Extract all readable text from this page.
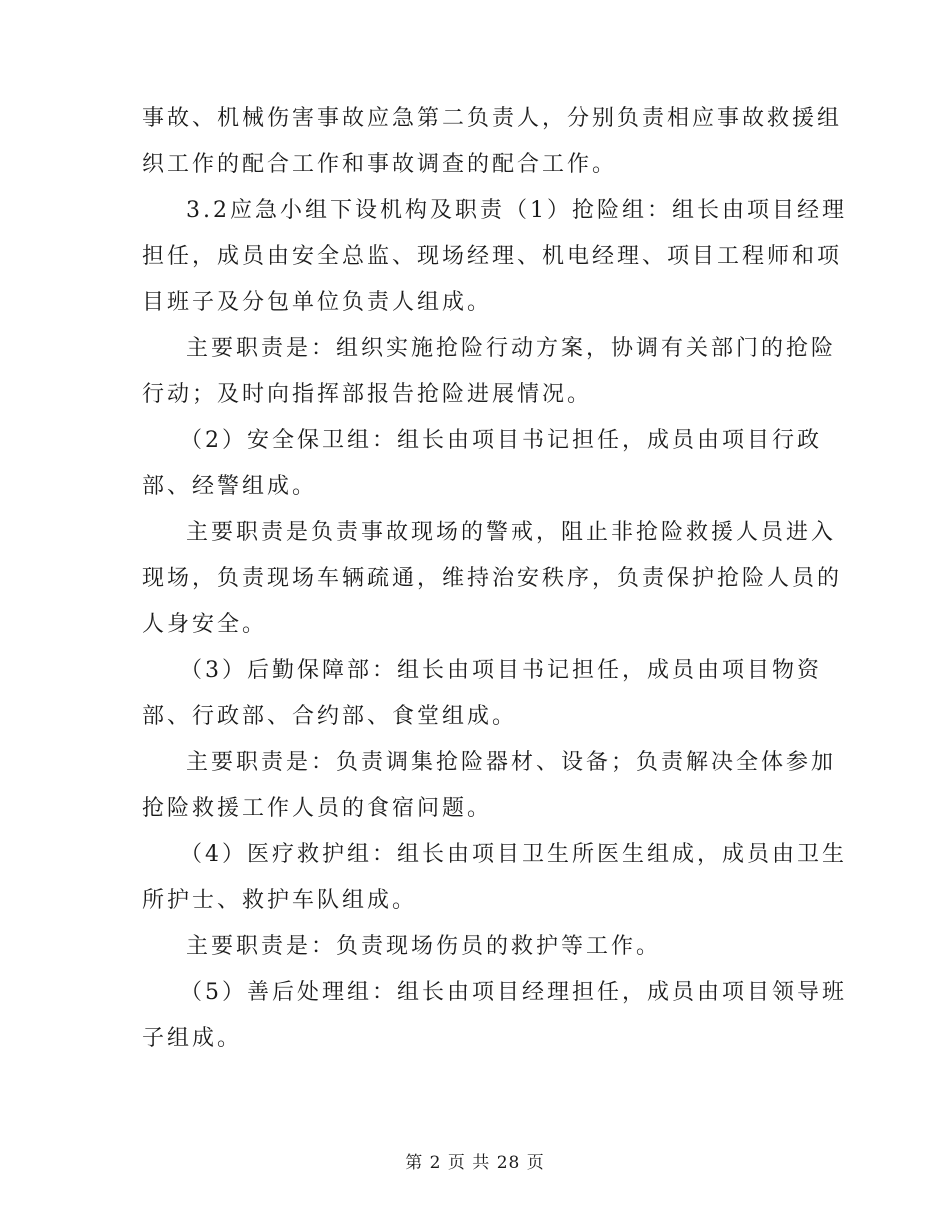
事故、机械伤害事故应急第二负责人，分别负责相应事故救援组
织工作的配合工作和事故调查的配合工作。
3.2应急小组下设机构及职责（1）抢险组：组长由项目经理
担任，成员由安全总监、现场经理、机电经理、项目工程师和项
目班子及分包单位负责人组成。
主要职责是：组织实施抢险行动方案，协调有关部门的抢险
行动；及时向指挥部报告抢险进展情况。
（2）安全保卫组：组长由项目书记担任，成员由项目行政
部、经警组成。
主要职责是负责事故现场的警戒，阻止非抢险救援人员进入
现场，负责现场车辆疏通，维持治安秩序，负责保护抢险人员的
人身安全。
（3）后勤保障部：组长由项目书记担任，成员由项目物资
部、行政部、合约部、食堂组成。
主要职责是：负责调集抢险器材、设备；负责解决全体参加
抢险救援工作人员的食宿问题。
（4）医疗救护组：组长由项目卫生所医生组成，成员由卫生
所护士、救护车队组成。
主要职责是：负责现场伤员的救护等工作。
（5）善后处理组：组长由项目经理担任，成员由项目领导班
子组成。
第 2 页 共 28 页
